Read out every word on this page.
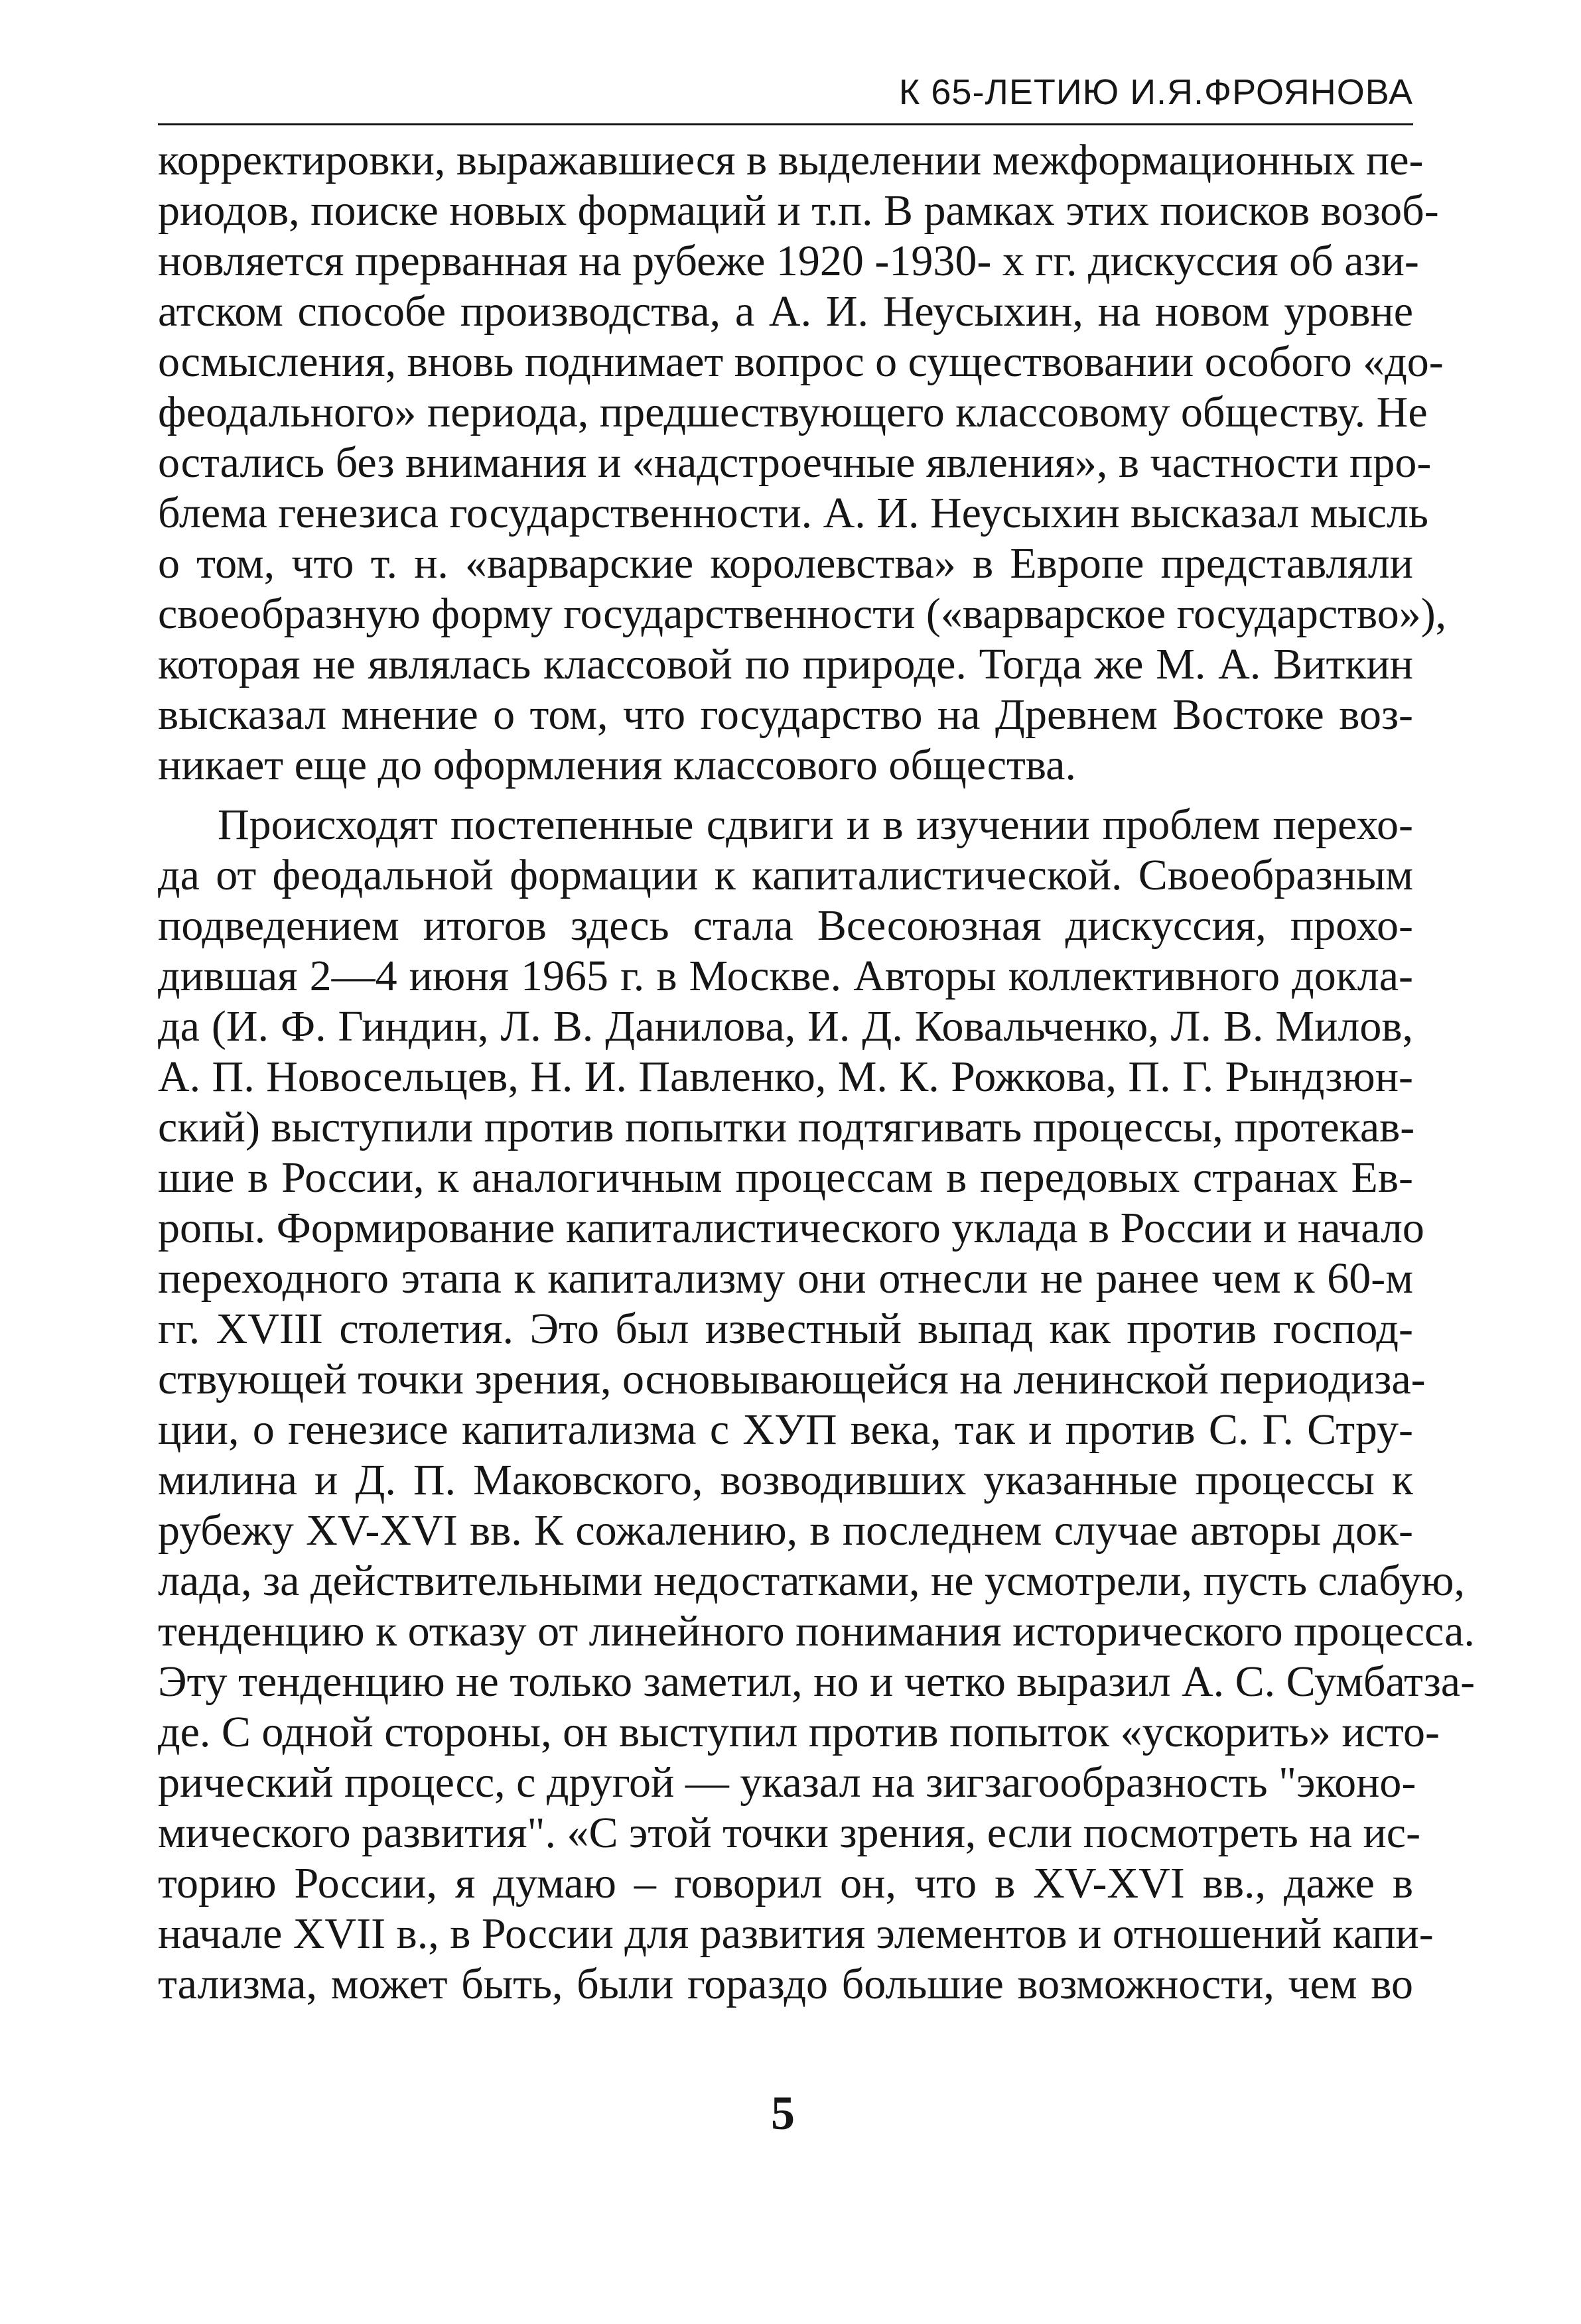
К 65-ЛЕТИЮ И.Я.ФРОЯНОВА
корректировки, выражавшиеся в выделении межформационных пе-
риодов, поиске новых формаций и т.п. В рамках этих поисков возоб-
новляется прерванная на рубеже 1920 -1930- х гг. дискуссия об ази-
атском способе производства, а А. И. Неусыхин, на новом уровне
осмысления, вновь поднимает вопрос о существовании особого «до-
феодального» периода, предшествующего классовому обществу. Не
остались без внимания и «надстроечные явления», в частности про-
блема генезиса государственности. А. И. Неусыхин высказал мысль
о том, что т. н. «варварские королевства» в Европе представляли
своеобразную форму государственности («варварское государство»),
которая не являлась классовой по природе. Тогда же М. А. Виткин
высказал мнение о том, что государство на Древнем Востоке воз-
никает еще до оформления классового общества.
Происходят постепенные сдвиги и в изучении проблем перехо-
да от феодальной формации к капиталистической. Своеобразным
подведением итогов здесь стала Всесоюзная дискуссия, прохо-
дившая 2—4 июня 1965 г. в Москве. Авторы коллективного докла-
да (И. Ф. Гиндин, Л. В. Данилова, И. Д. Ковальченко, Л. В. Милов,
А. П. Новосельцев, Н. И. Павленко, М. К. Рожкова, П. Г. Рындзюн-
ский) выступили против попытки подтягивать процессы, протекав-
шие в России, к аналогичным процессам в передовых странах Ев-
ропы. Формирование капиталистического уклада в России и начало
переходного этапа к капитализму они отнесли не ранее чем к 60-м
гг. XVIII столетия. Это был известный выпад как против господ-
ствующей точки зрения, основывающейся на ленинской периодиза-
ции, о генезисе капитализма с ХУП века, так и против С. Г. Стру-
милина и Д. П. Маковского, возводивших указанные процессы к
рубежу XV-XVI вв. К сожалению, в последнем случае авторы док-
лада, за действительными недостатками, не усмотрели, пусть слабую,
тенденцию к отказу от линейного понимания исторического процесса.
Эту тенденцию не только заметил, но и четко выразил А. С. Сумбатза-
де. С одной стороны, он выступил против попыток «ускорить» исто-
рический процесс, с другой — указал на зигзагообразность "эконо-
мического развития". «С этой точки зрения, если посмотреть на ис-
торию России, я думаю – говорил он, что в XV-XVI вв., даже в
начале XVII в., в России для развития элементов и отношений капи-
тализма, может быть, были гораздо большие возможности, чем во
5
